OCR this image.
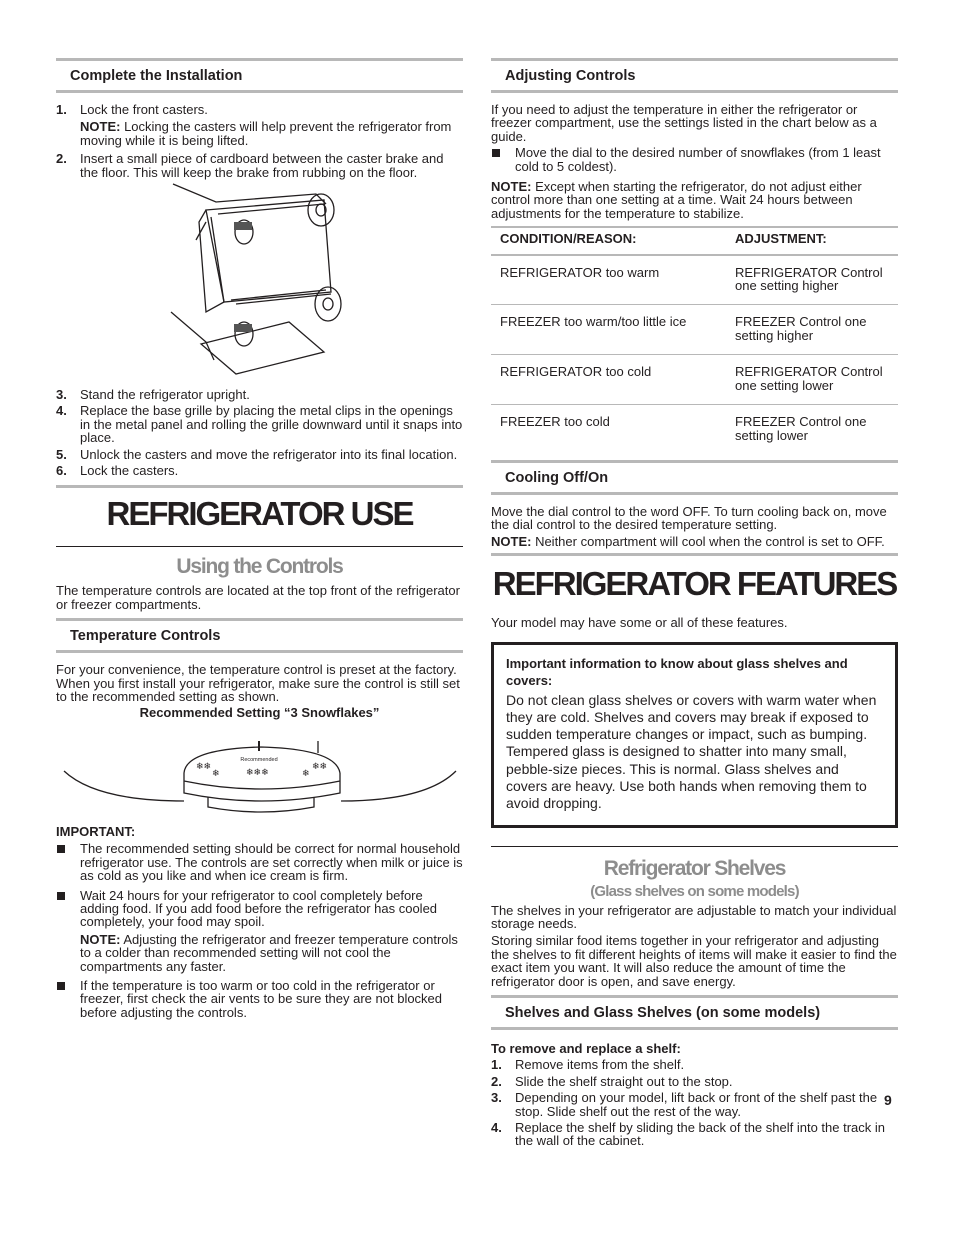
Complete the Installation
1. Lock the front casters.
NOTE: Locking the casters will help prevent the refrigerator from moving while it is being lifted.
2. Insert a small piece of cardboard between the caster brake and the floor. This will keep the brake from rubbing on the floor.
3. Stand the refrigerator upright.
4. Replace the base grille by placing the metal clips in the openings in the metal panel and rolling the grille downward until it snaps into place.
5. Unlock the casters and move the refrigerator into its final location.
6. Lock the casters.
REFRIGERATOR USE
Using the Controls

The temperature controls are located at the top front of the refrigerator or freezer compartments.

Temperature Controls

For your convenience, the temperature control is preset at the factory. When you first install your refrigerator, make sure the control is still set to the recommended setting as shown.

Recommended Setting “3 Snowflakes”

Recommended
❄❄
❄	❄❄❄
❄❄
❄

IMPORTANT:

The recommended setting should be correct for normal household refrigerator use. The controls are set correctly when milk or juice is as cold as you like and when ice cream is firm.
Wait 24 hours for your refrigerator to cool completely before adding food. If you add food before the refrigerator has cooled completely, your food may spoil.
NOTE: Adjusting the refrigerator and freezer temperature controls to a colder than recommended setting will not cool the compartments any faster.
If the temperature is too warm or too cold in the refrigerator or freezer, first check the air vents to be sure they are not blocked before adjusting the controls.
Adjusting Controls

If you need to adjust the temperature in either the refrigerator or freezer compartment, use the settings listed in the chart below as a guide.

Move the dial to the desired number of snowflakes (from 1 least cold to 5 coldest).

NOTE: Except when starting the refrigerator, do not adjust either control more than one setting at a time. Wait 24 hours between adjustments for the temperature to stabilize.

CONDITION/REASON:	ADJUSTMENT:
REFRIGERATOR too warm	REFRIGERATOR Control one setting higher
FREEZER too warm/too little ice	FREEZER Control one setting higher
REFRIGERATOR too cold	REFRIGERATOR Control one setting lower
FREEZER too cold	FREEZER Control one setting lower
Cooling Off/On

Move the dial control to the word OFF. To turn cooling back on, move the dial control to the desired temperature setting.

NOTE: Neither compartment will cool when the control is set to OFF.

REFRIGERATOR FEATURES

Your model may have some or all of these features.

Important information to know about glass shelves and covers:
Do not clean glass shelves or covers with warm water when they are cold. Shelves and covers may break if exposed to sudden temperature changes or impact, such as bumping. Tempered glass is designed to shatter into many small, pebble-size pieces. This is normal. Glass shelves and covers are heavy. Use both hands when removing them to avoid dropping.
Refrigerator Shelves
(Glass shelves on some models)

The shelves in your refrigerator are adjustable to match your individual storage needs.

Storing similar food items together in your refrigerator and adjusting the shelves to fit different heights of items will make it easier to find the exact item you want. It will also reduce the amount of time the refrigerator door is open, and save energy.

Shelves and Glass Shelves (on some models)

To remove and replace a shelf:

1. Remove items from the shelf.
2. Slide the shelf straight out to the stop.
3. Depending on your model, lift back or front of the shelf past the stop. Slide shelf out the rest of the way.
4. Replace the shelf by sliding the back of the shelf into the track in the wall of the cabinet.
9
